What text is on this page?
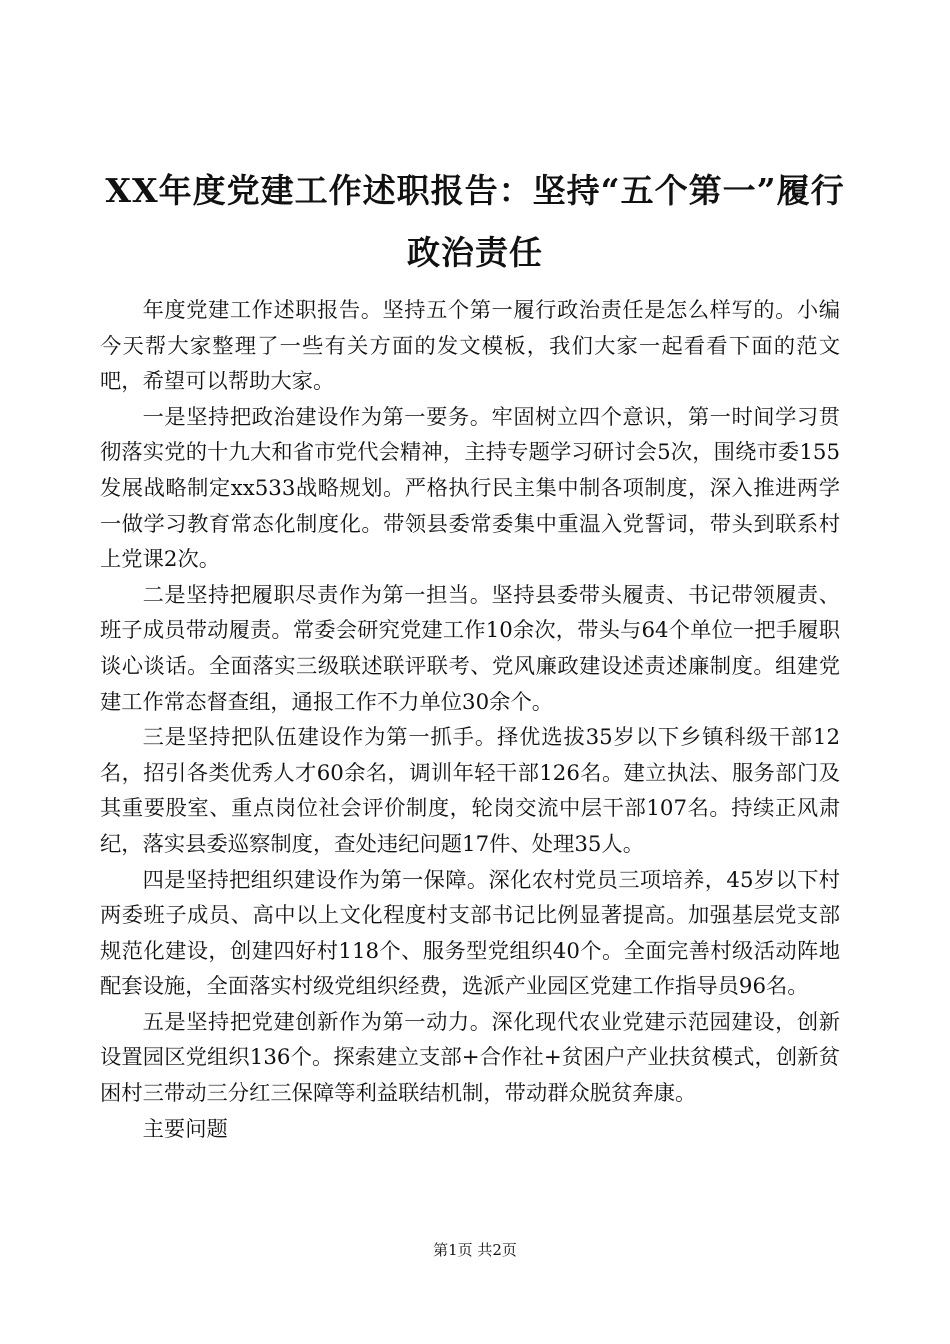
XX年度党建工作述职报告：坚持“五个第一”履行政治责任

年度党建工作述职报告。坚持五个第一履行政治责任是怎么样写的。小编今天帮大家整理了一些有关方面的发文模板，我们大家一起看看下面的范文吧，希望可以帮助大家。

一是坚持把政治建设作为第一要务。牢固树立四个意识，第一时间学习贯彻落实党的十九大和省市党代会精神，主持专题学习研讨会5次，围绕市委155发展战略制定xx533战略规划。严格执行民主集中制各项制度，深入推进两学一做学习教育常态化制度化。带领县委常委集中重温入党誓词，带头到联系村上党课2次。

二是坚持把履职尽责作为第一担当。坚持县委带头履责、书记带领履责、班子成员带动履责。常委会研究党建工作10余次，带头与64个单位一把手履职谈心谈话。全面落实三级联述联评联考、党风廉政建设述责述廉制度。组建党建工作常态督查组，通报工作不力单位30余个。

三是坚持把队伍建设作为第一抓手。择优选拔35岁以下乡镇科级干部12名，招引各类优秀人才60余名，调训年轻干部126名。建立执法、服务部门及其重要股室、重点岗位社会评价制度，轮岗交流中层干部107名。持续正风肃纪，落实县委巡察制度，查处违纪问题17件、处理35人。

四是坚持把组织建设作为第一保障。深化农村党员三项培养，45岁以下村两委班子成员、高中以上文化程度村支部书记比例显著提高。加强基层党支部规范化建设，创建四好村118个、服务型党组织40个。全面完善村级活动阵地配套设施，全面落实村级党组织经费，选派产业园区党建工作指导员96名。

五是坚持把党建创新作为第一动力。深化现代农业党建示范园建设，创新设置园区党组织136个。探索建立支部+合作社+贫困户产业扶贫模式，创新贫困村三带动三分红三保障等利益联结机制，带动群众脱贫奔康。

主要问题

第1页 共2页
